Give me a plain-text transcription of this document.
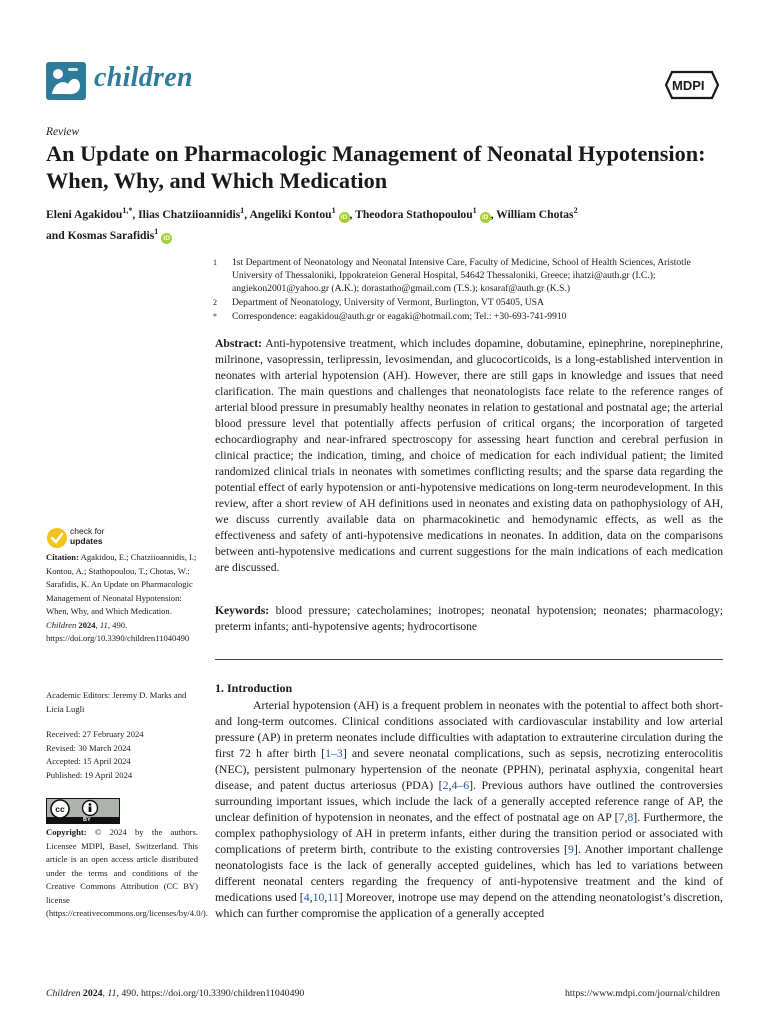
children	MDPI
Review
An Update on Pharmacologic Management of Neonatal Hypotension: When, Why, and Which Medication
Eleni Agakidou$^{1,*}$, Ilias Chatziioannidis$^1$, Angeliki Kontou$^1$ iD , Theodora Stathopoulou$^1$ iD , William Chotas$^2$
and Kosmas Sarafidis$^1$ iD
1 1st Department of Neonatology and Neonatal Intensive Care, Faculty of Medicine, School of Health Sciences, Aristotle University of Thessaloniki, Ippokrateion General Hospital, 54642 Thessaloniki, Greece; ihatzi@auth.gr (I.C.); angiekon2001@yahoo.gr (A.K.); dorastatho@gmail.com (T.S.); kosaraf@auth.gr (K.S.)
2 Department of Neonatology, University of Vermont, Burlington, VT 05405, USA
* Correspondence: eagakidou@auth.gr or eagaki@hotmail.com; Tel.: +30-693-741-9910
Abstract: Anti-hypotensive treatment, which includes dopamine, dobutamine, epinephrine, norepinephrine, milrinone, vasopressin, terlipressin, levosimendan, and glucocorticoids, is a long-established intervention in neonates with arterial hypotension (AH). However, there are still gaps in knowledge and issues that need clarification. The main questions and challenges that neonatologists face relate to the reference ranges of arterial blood pressure in presumably healthy neonates in relation to gestational and postnatal age; the arterial blood pressure level that potentially affects perfusion of critical organs; the incorporation of targeted echocardiography and near-infrared spectroscopy for assessing heart function and cerebral perfusion in clinical practice; the indication, timing, and choice of medication for each individual patient; the limited randomized clinical trials in neonates with sometimes conflicting results; and the sparse data regarding the potential effect of early hypotension or anti-hypotensive medications on long-term neurodevelopment. In this review, after a short review of AH definitions used in neonates and existing data on pathophysiology of AH, we discuss currently available data on pharmacokinetic and hemodynamic effects, as well as the effectiveness and safety of anti-hypotensive medications in neonates. In addition, data on the comparisons between anti-hypotensive medications and current suggestions for the main indications of each medication are discussed.
Keywords: blood pressure; catecholamines; inotropes; neonatal hypotension; neonates; pharmacology; preterm infants; anti-hypotensive agents; hydrocortisone
1. Introduction
Arterial hypotension (AH) is a frequent problem in neonates with the potential to affect both short- and long-term outcomes. Clinical conditions associated with cardiovascular instability and low arterial pressure (AP) in preterm neonates include difficulties with adaptation to extrauterine circulation during the first 72 h after birth [1–3] and severe neonatal complications, such as sepsis, necrotizing enterocolitis (NEC), persistent pulmonary hypertension of the neonate (PPHN), perinatal asphyxia, congenital heart disease, and patent ductus arteriosus (PDA) [2,4–6]. Previous authors have outlined the controversies surrounding important issues, which include the lack of a generally accepted reference range of AP, the unclear definition of hypotension in neonates, and the effect of postnatal age on AP [7,8]. Furthermore, the complex pathophysiology of AH in preterm infants, either during the transition period or associated with complications of preterm birth, contribute to the existing controversies [9]. Another important challenge neonatologists face is the lack of generally accepted guidelines, which has led to variations between different neonatal centers regarding the frequency of anti-hypotensive treatment and the kind of medications used [4,10,11] Moreover, inotrope use may depend on the attending neonatologist’s discretion, which can further compromise the application of a generally accepted
check for
updates
Citation: Agakidou, E.; Chatziioannidis, I.; Kontou, A.; Stathopoulou, T.; Chotas, W.; Sarafidis, K. An Update on Pharmacologic Management of Neonatal Hypotension: When, Why, and Which Medication. Children 2024, 11, 490. https://doi.org/10.3390/children11040490
Academic Editors: Jeremy D. Marks and Licia Lugli
Received: 27 February 2024
Revised: 30 March 2024
Accepted: 15 April 2024
Published: 19 April 2024
cc
BY
Copyright: © 2024 by the authors. Licensee MDPI, Basel, Switzerland. This article is an open access article distributed under the terms and conditions of the Creative Commons Attribution (CC BY) license (https://creativecommons.org/licenses/by/4.0/).
Children 2024, 11, 490. https://doi.org/10.3390/children11040490	https://www.mdpi.com/journal/children
